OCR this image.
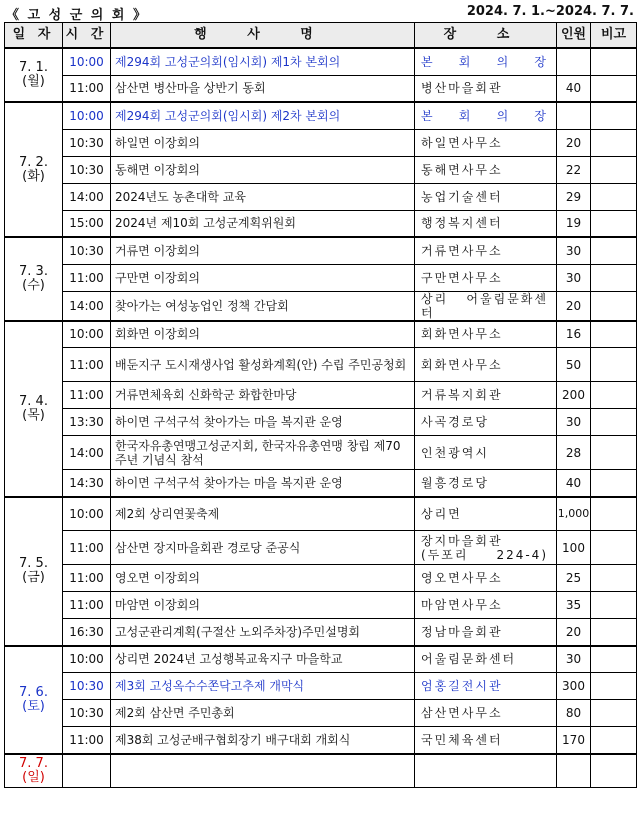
《 고 성 군 의 회 》	2024. 7. 1.~2024. 7. 7.
일 자	시 간	행 사 명	장 소	인원	비고

7. 1.
(월)	10:00	제294회 고성군의회(임시회) 제1차 본회의	본 회 의 장		
	11:00	삼산면 병산마을 상반기 동회	병산마을회관	40	

7. 2.
(화)	10:00	제294회 고성군의회(임시회) 제2차 본회의	본 회 의 장		
	10:30	하일면 이장회의	하일면사무소	20	
	10:30	동해면 이장회의	동해면사무소	22	
	14:00	2024년도 농촌대학 교육	농업기술센터	29	
	15:00	2024년 제10회 고성군계획위원회	행정복지센터	19	

7. 3.
(수)	10:30	거류면 이장회의	거류면사무소	30	
	11:00	구만면 이장회의	구만면사무소	30	
	14:00	찾아가는 여성농업인 정책 간담회	상리 어울림문화센터	20	

7. 4.
(목)	10:00	회화면 이장회의	회화면사무소	16	
	11:00	배둔지구 도시재생사업 활성화계획(안) 수립 주민공청회	회화면사무소	50	
	11:00	거류면체육회 신화학군 화합한마당	거류복지회관	200	
	13:30	하이면 구석구석 찾아가는 마을 복지관 운영	사곡경로당	30	
	14:00	한국자유총연맹고성군지회, 한국자유총연맹 창립 제70주년 기념식 참석	인천광역시	28	
	14:30	하이면 구석구석 찾아가는 마을 복지관 운영	월흥경로당	40	

7. 5.
(금)	10:00	제2회 상리연꽃축제	상리면	1,000	
	11:00	삼산면 장지마을회관 경로당 준공식	장지마을회관
(두포리 224-4)	100	
	11:00	영오면 이장회의	영오면사무소	25	
	11:00	마암면 이장회의	마암면사무소	35	
	16:30	고성군관리계획(구절산 노외주차장)주민설명회	정남마을회관	20	

7. 6.
(토)	10:00	상리면 2024년 고성행복교육지구 마을학교	어울림문화센터	30	
	10:30	제3회 고성옥수수쫀닥고추제 개막식	엄홍길전시관	300	
	10:30	제2회 삼산면 주민총회	삼산면사무소	80	
	11:00	제38회 고성군배구협회장기 배구대회 개회식	국민체육센터	170	

7. 7.
(일)					
